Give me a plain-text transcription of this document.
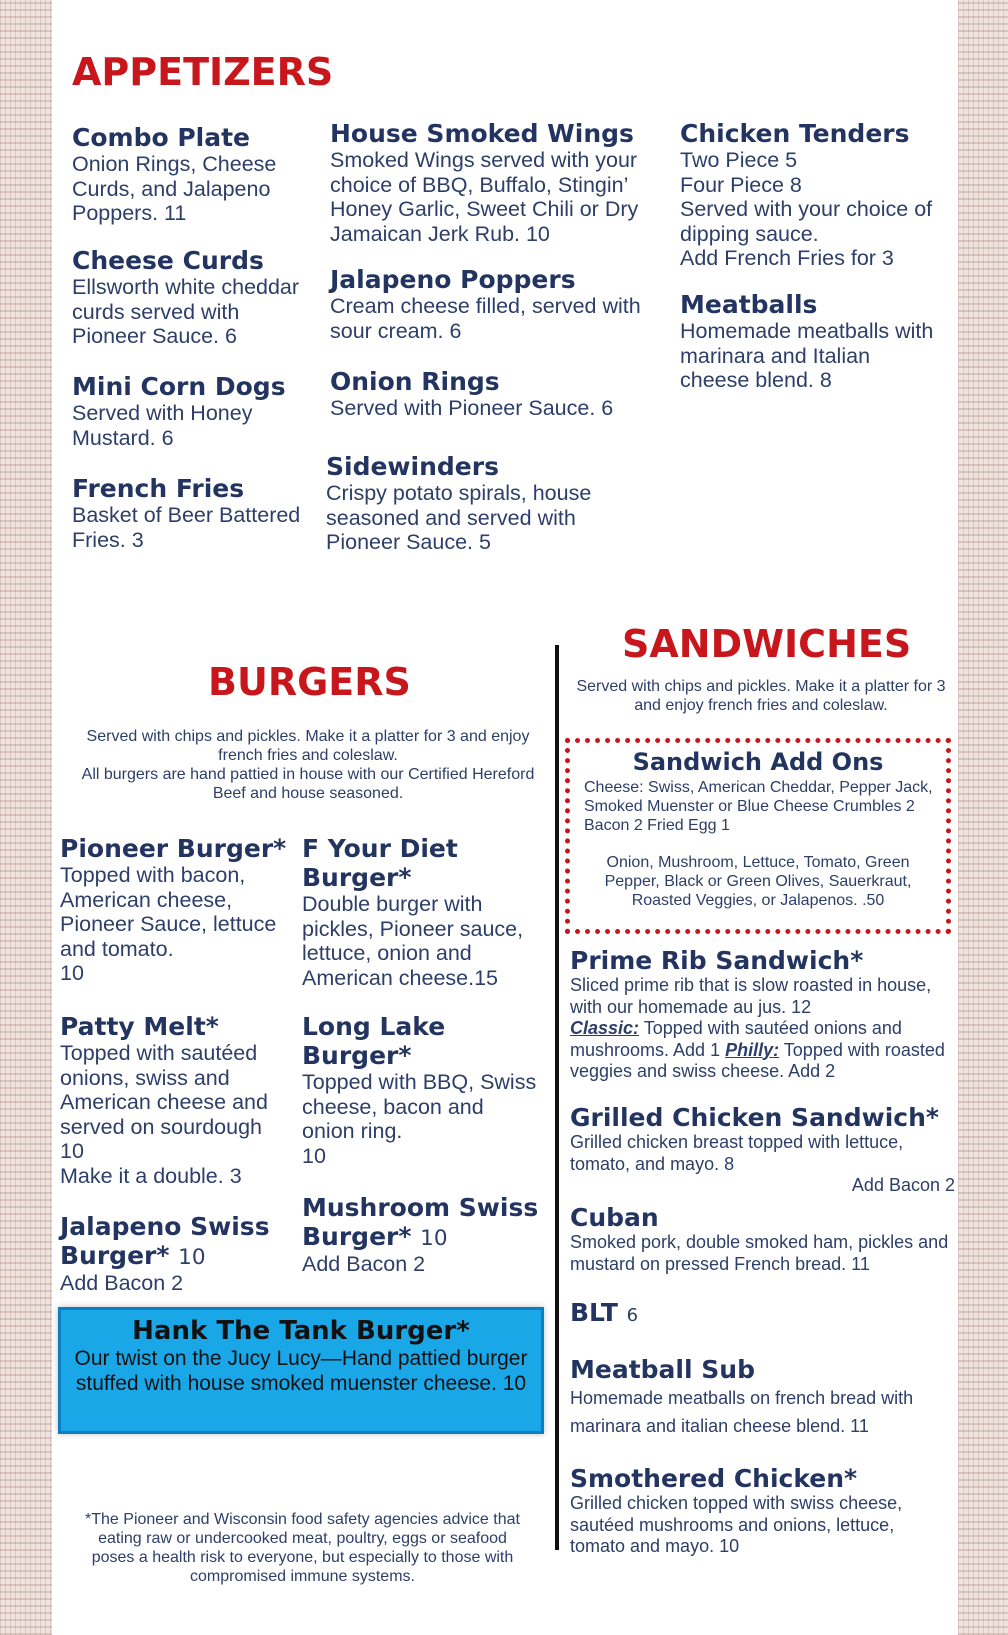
APPETIZERS

Combo Plate

Onion Rings, Cheese Curds, and Jalapeno Poppers. 11

Cheese Curds

Ellsworth white cheddar curds served with Pioneer Sauce. 6

Mini Corn Dogs

Served with Honey Mustard. 6

French Fries

Basket of Beer Battered Fries. 3

House Smoked Wings

Smoked Wings served with your choice of BBQ, Buffalo, Stingin’ Honey Garlic, Sweet Chili or Dry Jamaican Jerk Rub. 10

Jalapeno Poppers

Cream cheese filled, served with sour cream. 6

Onion Rings

Served with Pioneer Sauce. 6

Sidewinders

Crispy potato spirals, house seasoned and served with Pioneer Sauce. 5

Chicken Tenders

Two Piece 5

Four Piece 8

Served with your choice of dipping sauce.

Add French Fries for 3

Meatballs

Homemade meatballs with marinara and Italian cheese blend. 8

BURGERS

Served with chips and pickles. Make it a platter for 3 and enjoy french fries and coleslaw.

All burgers are hand pattied in house with our Certified Hereford Beef and house seasoned.

Pioneer Burger*

Topped with bacon, American cheese, Pioneer Sauce, lettuce and tomato.

10

F Your Diet Burger*

Double burger with pickles, Pioneer sauce, lettuce, onion and American cheese.15

Patty Melt*

Topped with sautéed onions, swiss and American cheese and served on sourdough

10

Make it a double. 3

Long Lake Burger*

Topped with BBQ, Swiss cheese, bacon and onion ring.

10

Jalapeno Swiss Burger* 10

Add Bacon 2

Mushroom Swiss Burger* 10

Add Bacon 2

Hank The Tank Burger*

Our twist on the Jucy Lucy—Hand pattied burger stuffed with house smoked muenster cheese. 10

*The Pioneer and Wisconsin food safety agencies advice that eating raw or undercooked meat, poultry, eggs or seafood poses a health risk to everyone, but especially to those with compromised immune systems.

SANDWICHES

Served with chips and pickles. Make it a platter for 3 and enjoy french fries and coleslaw.

Sandwich Add Ons

Cheese: Swiss, American Cheddar, Pepper Jack, Smoked Muenster or Blue Cheese Crumbles 2 Bacon 2 Fried Egg 1

Onion, Mushroom, Lettuce, Tomato, Green Pepper, Black or Green Olives, Sauerkraut, Roasted Veggies, or Jalapenos. .50

Prime Rib Sandwich*

Sliced prime rib that is slow roasted in house, with our homemade au jus. 12

Classic: Topped with sautéed onions and mushrooms. Add 1 Philly: Topped with roasted veggies and swiss cheese. Add 2

Grilled Chicken Sandwich*

Grilled chicken breast topped with lettuce, tomato, and mayo. 8

Add Bacon 2

Cuban

Smoked pork, double smoked ham, pickles and mustard on pressed French bread. 11

BLT 6

Meatball Sub

Homemade meatballs on french bread with

marinara and italian cheese blend. 11

Smothered Chicken*

Grilled chicken topped with swiss cheese, sautéed mushrooms and onions, lettuce, tomato and mayo. 10
